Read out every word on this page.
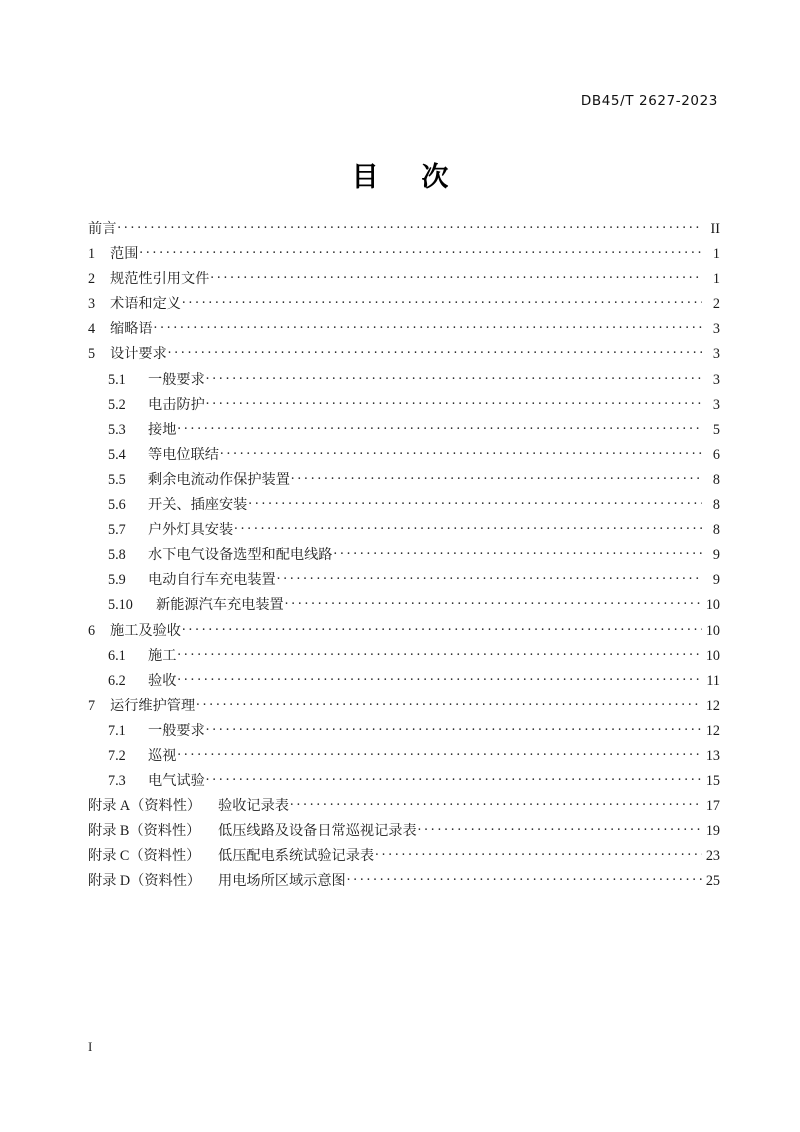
DB45/T 2627-2023
目 次
前言 .....	II
1	范围 .....	1
2	规范性引用文件 .....	1
3	术语和定义 .....	2
4	缩略语 .....	3
5	设计要求 .....	3
5.1	一般要求 .....	3
5.2	电击防护 .....	3
5.3	接地 .....	5
5.4	等电位联结 .....	6
5.5	剩余电流动作保护装置 .....	8
5.6	开关、插座安装 .....	8
5.7	户外灯具安装 .....	8
5.8	水下电气设备选型和配电线路 .....	9
5.9	电动自行车充电装置 .....	9
5.10	新能源汽车充电装置 .....	10
6	施工及验收 .....	10
6.1	施工 .....	10
6.2	验收 .....	11
7	运行维护管理 .....	12
7.1	一般要求 .....	12
7.2	巡视 .....	13
7.3	电气试验 .....	15
附录 A（资料性）	验收记录表 .....	17
附录 B（资料性）	低压线路及设备日常巡视记录表 .....	19
附录 C（资料性）	低压配电系统试验记录表 .....	23
附录 D（资料性）	用电场所区域示意图 .....	25
I
